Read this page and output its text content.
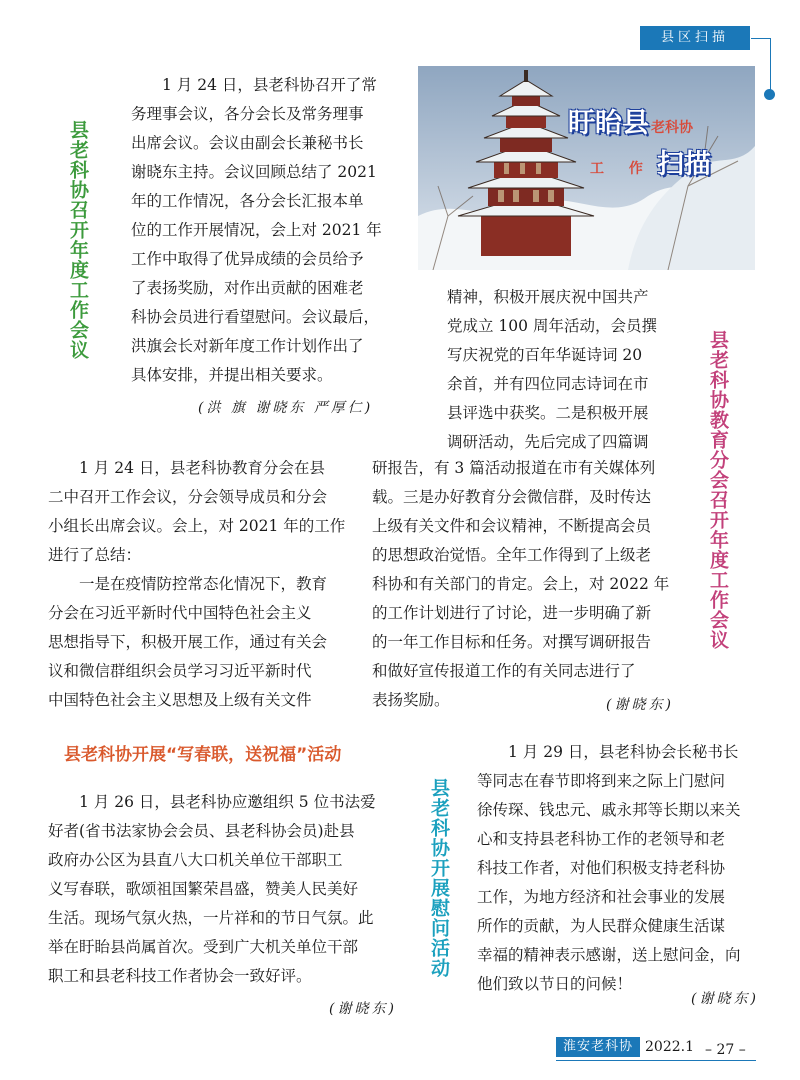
县区扫描
盱眙县 老科协
工 作 扫描
县老科协召开年度工作会议
1 月 24 日，县老科协召开了常
务理事会议，各分会长及常务理事
出席会议。会议由副会长兼秘书长
谢晓东主持。会议回顾总结了 2021
年的工作情况，各分会长汇报本单
位的工作开展情况，会上对 2021 年
工作中取得了优异成绩的会员给予
了表扬奖励，对作出贡献的困难老
科协会员进行看望慰问。会议最后，
洪旗会长对新年度工作计划作出了
具体安排，并提出相关要求。
(洪 旗 谢晓东 严厚仁)	县老科协教育分会召开年度工作会议
精神，积极开展庆祝中国共产
党成立 100 周年活动，会员撰
写庆祝党的百年华诞诗词 20
余首，并有四位同志诗词在市
县评选中获奖。二是积极开展
调研活动，先后完成了四篇调
1 月 24 日，县老科协教育分会在县
二中召开工作会议，分会领导成员和分会
小组长出席会议。会上，对 2021 年的工作
进行了总结：
一是在疫情防控常态化情况下，教育
分会在习近平新时代中国特色社会主义
思想指导下，积极开展工作，通过有关会
议和微信群组织会员学习习近平新时代
中国特色社会主义思想及上级有关文件
研报告，有 3 篇活动报道在市有关媒体列
载。三是办好教育分会微信群，及时传达
上级有关文件和会议精神，不断提高会员
的思想政治觉悟。全年工作得到了上级老
科协和有关部门的肯定。会上，对 2022 年
的工作计划进行了讨论，进一步明确了新
的一年工作目标和任务。对撰写调研报告
和做好宣传报道工作的有关同志进行了
表扬奖励。	(谢晓东)
县老科协开展“写春联，送祝福”活动
1 月 26 日，县老科协应邀组织 5 位书法爱
好者(省书法家协会会员、县老科协会员)赴县
政府办公区为县直八大口机关单位干部职工
义写春联，歌颂祖国繁荣昌盛，赞美人民美好
生活。现场气氛火热，一片祥和的节日气氛。此
举在盱眙县尚属首次。受到广大机关单位干部
职工和县老科技工作者协会一致好评。
(谢晓东)
县老科协开展慰问活动
1 月 29 日，县老科协会长秘书长
等同志在春节即将到来之际上门慰问
徐传琛、钱忠元、戚永邦等长期以来关
心和支持县老科协工作的老领导和老
科技工作者，对他们积极支持老科协
工作，为地方经济和社会事业的发展
所作的贡献，为人民群众健康生活谋
幸福的精神表示感谢，送上慰问金，向
他们致以节日的问候！
(谢晓东)
淮安老科协 2022.1 – 27 –
